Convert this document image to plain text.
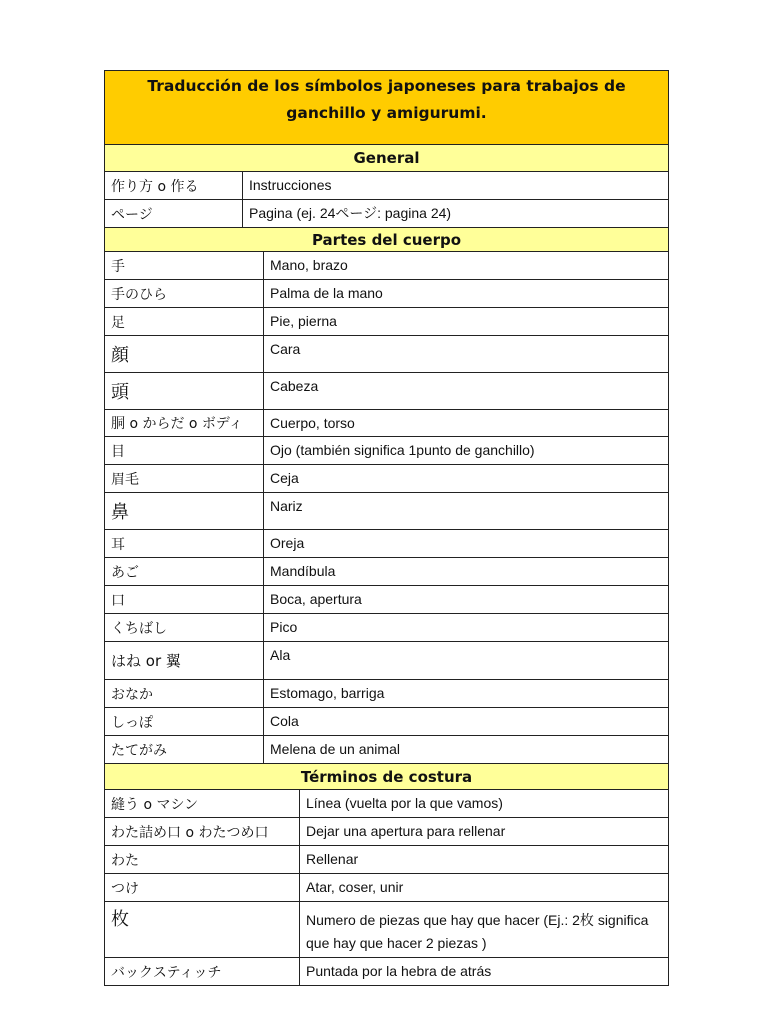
Traducción de los símbolos japoneses para trabajos de ganchillo y amigurumi.
General
作り方 o 作る	Instrucciones
ページ	Pagina (ej. 24ページ: pagina 24)
Partes del cuerpo
手	Mano, brazo
手のひら	Palma de la mano
足	Pie, pierna
顔	Cara
頭	Cabeza
胴 o からだ o ボディ	Cuerpo, torso
目	Ojo (también significa 1punto de ganchillo)
眉毛	Ceja
鼻	Nariz
耳	Oreja
あご	Mandíbula
口	Boca, apertura
くちばし	Pico
はね or 翼	Ala
おなか	Estomago, barriga
しっぽ	Cola
たてがみ	Melena de un animal
Términos de costura
縫う o マシン	Línea (vuelta por la que vamos)
わた詰め口 o わたつめ口	Dejar una apertura para rellenar
わた	Rellenar
つけ	Atar, coser, unir
枚	Numero de piezas que hay que hacer (Ej.: 2枚 significa que hay que hacer 2 piezas )
バックスティッチ	Puntada por la hebra de atrás
